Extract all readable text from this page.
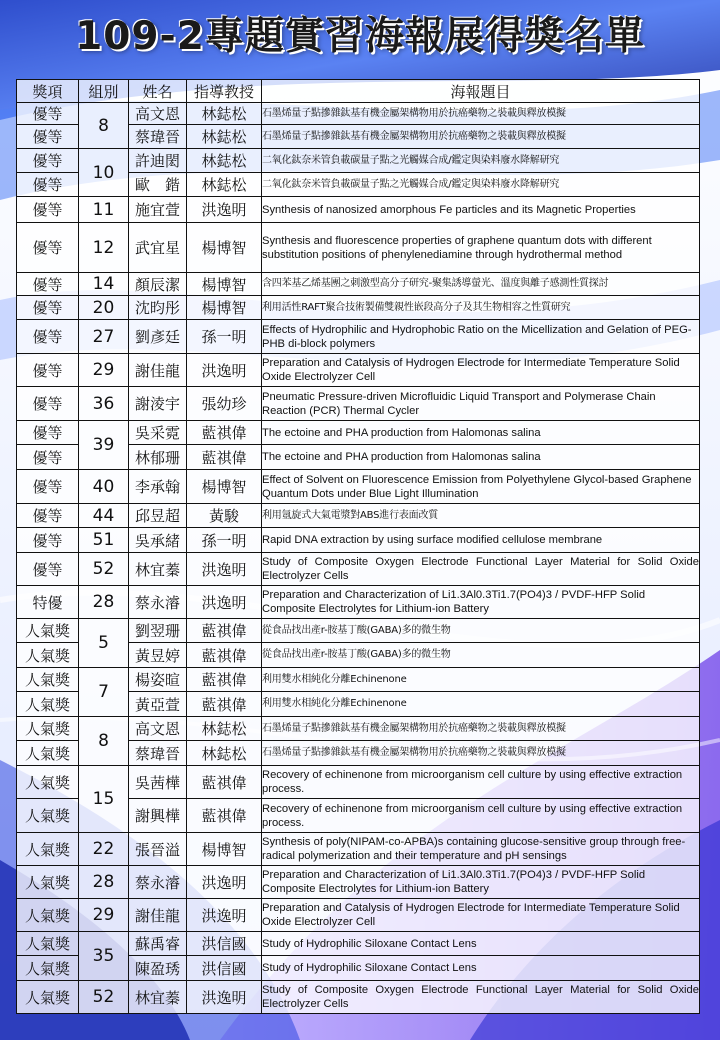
109-2專題實習海報展得獎名單
獎項	組別	姓名	指導教授	海報題目
優等	8	高文恩	林鋕松	石墨烯量子點摻雜鈦基有機金屬架構物用於抗癌藥物之裝載與釋放模擬
優等		蔡瑋晉	林鋕松	石墨烯量子點摻雜鈦基有機金屬架構物用於抗癌藥物之裝載與釋放模擬
優等	10	許迪閎	林鋕松	二氧化鈦奈米管負載碳量子點之光觸媒合成/鑑定與染料廢水降解研究
優等		歐　鍇	林鋕松	二氧化鈦奈米管負載碳量子點之光觸媒合成/鑑定與染料廢水降解研究
優等	11	施宜萱	洪逸明	Synthesis of nanosized amorphous Fe particles and its Magnetic Properties
優等	12	武宜星	楊博智	Synthesis and fluorescence properties of graphene quantum dots with different substitution positions of phenylenediamine through hydrothermal method
優等	14	顏辰潔	楊博智	含四苯基乙烯基團之刺激型高分子研究-聚集誘導螢光、溫度與離子感測性質探討
優等	20	沈昀彤	楊博智	利用活性RAFT聚合技術製備雙親性嵌段高分子及其生物相容之性質研究
優等	27	劉彥廷	孫一明	Effects of Hydrophilic and Hydrophobic Ratio on the Micellization and Gelation of PEG-PHB di-block polymers
優等	29	謝佳龍	洪逸明	Preparation and Catalysis of Hydrogen Electrode for Intermediate Temperature Solid Oxide Electrolyzer Cell
優等	36	謝淩宇	張幼珍	Pneumatic Pressure-driven Microfluidic Liquid Transport and Polymerase Chain Reaction (PCR) Thermal Cycler
優等	39	吳采霓	藍祺偉	The ectoine and PHA production from Halomonas salina
優等		林郁珊	藍祺偉	The ectoine and PHA production from Halomonas salina
優等	40	李承翰	楊博智	Effect of Solvent on Fluorescence Emission from Polyethylene Glycol-based Graphene Quantum Dots under Blue Light Illumination
優等	44	邱昱超	黃駿	利用氬旋式大氣電漿對ABS進行表面改質
優等	51	吳承緒	孫一明	Rapid DNA extraction by using surface modified cellulose membrane
優等	52	林宜蓁	洪逸明	Study of Composite Oxygen Electrode Functional Layer Material for Solid Oxide Electrolyzer Cells
特優	28	蔡永濬	洪逸明	Preparation and Characterization of Li1.3Al0.3Ti1.7(PO4)3 / PVDF-HFP Solid Composite Electrolytes for Lithium-ion Battery
人氣獎	5	劉翌珊	藍祺偉	從食品找出產r-胺基丁酸(GABA)多的微生物
人氣獎		黃昱婷	藍祺偉	從食品找出產r-胺基丁酸(GABA)多的微生物
人氣獎	7	楊姿暄	藍祺偉	利用雙水相純化分離Echinenone
人氣獎		黃亞萱	藍祺偉	利用雙水相純化分離Echinenone
人氣獎	8	高文恩	林鋕松	石墨烯量子點摻雜鈦基有機金屬架構物用於抗癌藥物之裝載與釋放模擬
人氣獎		蔡瑋晉	林鋕松	石墨烯量子點摻雜鈦基有機金屬架構物用於抗癌藥物之裝載與釋放模擬
人氣獎	15	吳茜樺	藍祺偉	Recovery of echinenone from microorganism cell culture by using effective extraction process.
人氣獎		謝興樺	藍祺偉	Recovery of echinenone from microorganism cell culture by using effective extraction process.
人氣獎	22	張晉溢	楊博智	Synthesis of poly(NIPAM-co-APBA)s containing glucose-sensitive group through free-radical polymerization and their temperature and pH sensings
人氣獎	28	蔡永濬	洪逸明	Preparation and Characterization of Li1.3Al0.3Ti1.7(PO4)3 / PVDF-HFP Solid Composite Electrolytes for Lithium-ion Battery
人氣獎	29	謝佳龍	洪逸明	Preparation and Catalysis of Hydrogen Electrode for Intermediate Temperature Solid Oxide Electrolyzer Cell
人氣獎	35	蘇禹睿	洪信國	Study of Hydrophilic Siloxane Contact Lens
人氣獎		陳盈琇	洪信國	Study of Hydrophilic Siloxane Contact Lens
人氣獎	52	林宜蓁	洪逸明	Study of Composite Oxygen Electrode Functional Layer Material for Solid Oxide Electrolyzer Cells
